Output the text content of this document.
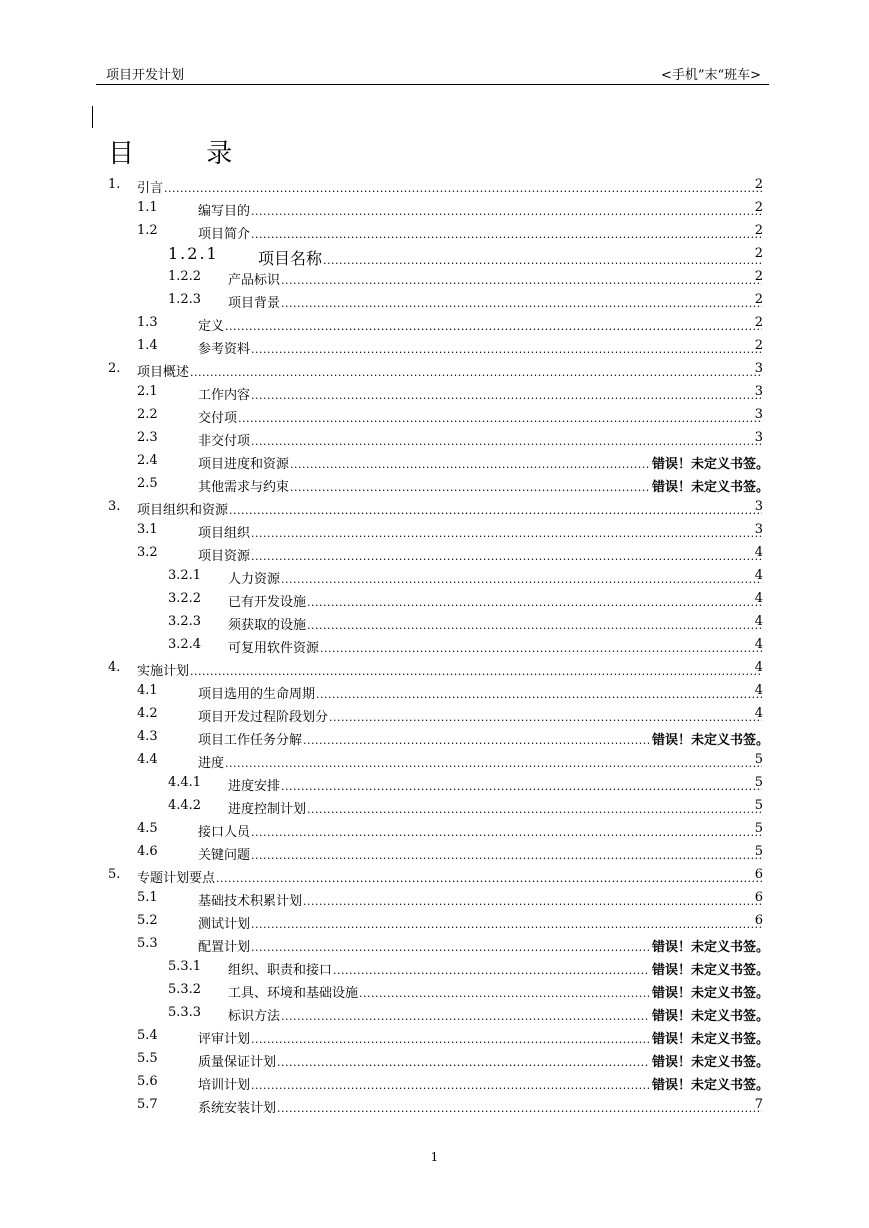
项目开发计划	<手机”末“班车>
目 录
1. 引言 .....	2
1.1	编写目的 .....	2
1.2	项目简介 .....	2
1.2.1 项目名称 .....	2
1.2.2 产品标识 .....	2
1.2.3 项目背景 .....	2
1.3	定义 .....	2
1.4	参考资料 .....	2
2. 项目概述 .....	3
2.1	工作内容 .....	3
2.2	交付项 .....	3
2.3	非交付项 .....	3
2.4	项目进度和资源 .....	错误！未定义书签。
2.5	其他需求与约束 .....	错误！未定义书签。
3. 项目组织和资源 .....	3
3.1	项目组织 .....	3
3.2	项目资源 .....	4
3.2.1 人力资源 .....	4
3.2.2 已有开发设施 .....	4
3.2.3 须获取的设施 .....	4
3.2.4 可复用软件资源 .....	4
4. 实施计划 .....	4
4.1	项目选用的生命周期 .....	4
4.2	项目开发过程阶段划分 .....	4
4.3	项目工作任务分解 .....	错误！未定义书签。
4.4	进度 .....	5
4.4.1 进度安排 .....	5
4.4.2 进度控制计划 .....	5
4.5	接口人员 .....	5
4.6	关键问题 .....	5
5. 专题计划要点 .....	6
5.1	基础技术积累计划 .....	6
5.2	测试计划 .....	6
5.3	配置计划 .....	错误！未定义书签。
5.3.1 组织、职责和接口 .....	错误！未定义书签。
5.3.2 工具、环境和基础设施 .....	错误！未定义书签。
5.3.3 标识方法 .....	错误！未定义书签。
5.4	评审计划 .....	错误！未定义书签。
5.5	质量保证计划 .....	错误！未定义书签。
5.6	培训计划 .....	错误！未定义书签。
5.7	系统安装计划 .....	7
1
